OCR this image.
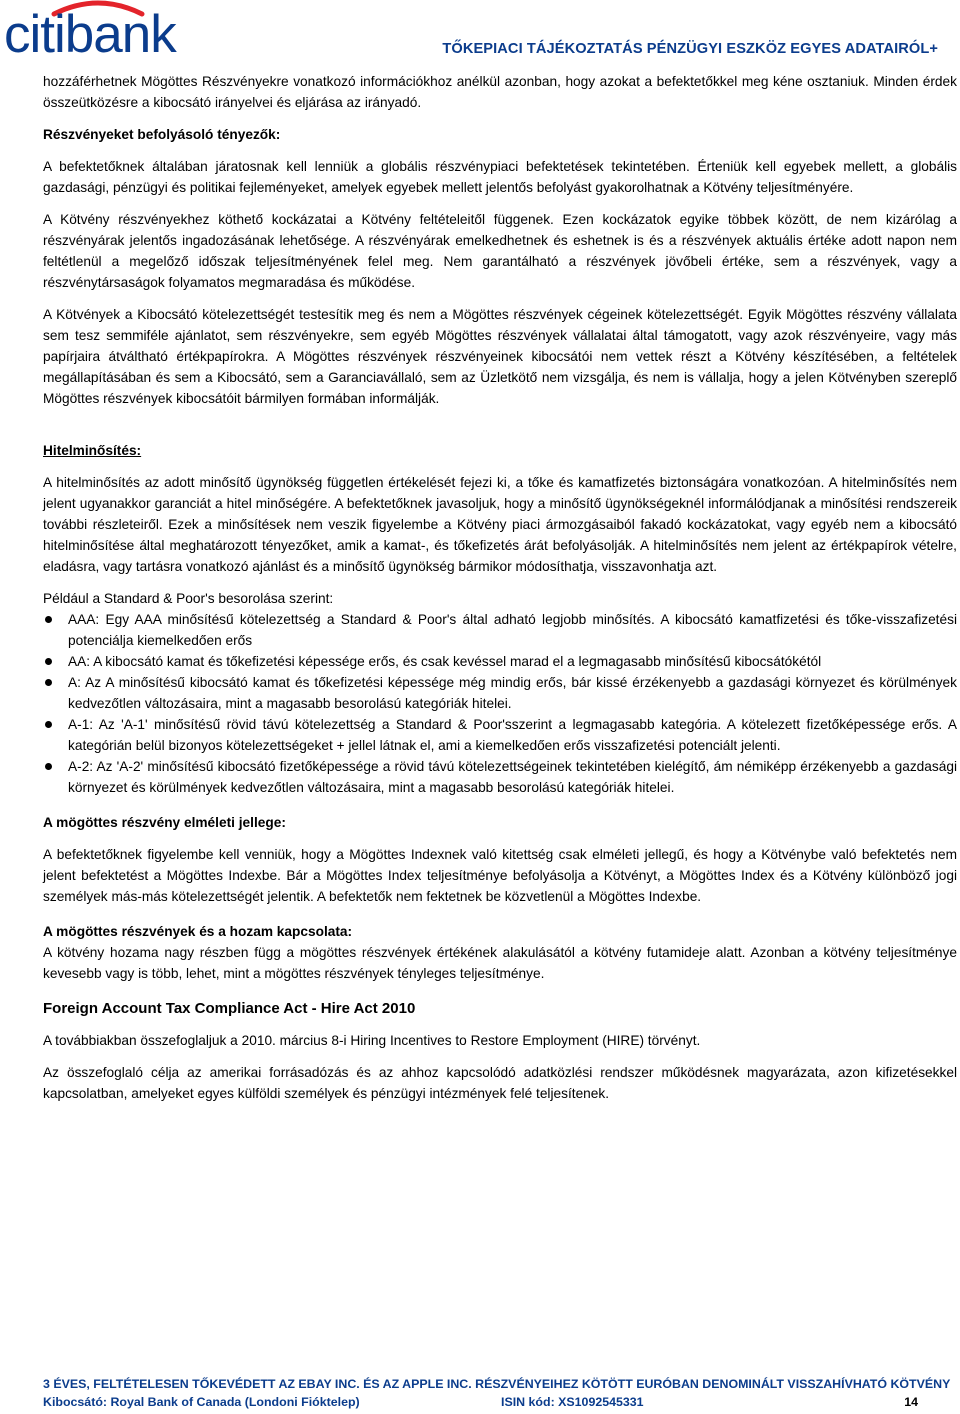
citibank	TŐKEPIACI TÁJÉKOZTATÁS PÉNZÜGYI ESZKÖZ EGYES ADATAIRÓL+

hozzáférhetnek Mögöttes Részvényekre vonatkozó információkhoz anélkül azonban, hogy azokat a befektetőkkel meg kéne osztaniuk. Minden érdek összeütközésre a kibocsátó irányelvei és eljárása az irányadó.

Részvényeket befolyásoló tényezők:

A befektetőknek általában járatosnak kell lenniük a globális részvénypiaci befektetések tekintetében. Érteniük kell egyebek mellett, a globális gazdasági, pénzügyi és politikai fejleményeket, amelyek egyebek mellett jelentős befolyást gyakorolhatnak a Kötvény teljesítményére.

A Kötvény részvényekhez köthető kockázatai a Kötvény feltételeitől függenek. Ezen kockázatok egyike többek között, de nem kizárólag a részvényárak jelentős ingadozásának lehetősége. A részvényárak emelkedhetnek és eshetnek is és a részvények aktuális értéke adott napon nem feltétlenül a megelőző időszak teljesítményének felel meg. Nem garantálható a részvények jövőbeli értéke, sem a részvények, vagy a részvénytársaságok folyamatos megmaradása és működése.

A Kötvények a Kibocsátó kötelezettségét testesítik meg és nem a Mögöttes részvények cégeinek kötelezettségét. Egyik Mögöttes részvény vállalata sem tesz semmiféle ajánlatot, sem részvényekre, sem egyéb Mögöttes részvények vállalatai által támogatott, vagy azok részvényeire, vagy más papírjaira átváltható értékpapírokra. A Mögöttes részvények részvényeinek kibocsátói nem vettek részt a Kötvény készítésében, a feltételek megállapításában és sem a Kibocsátó, sem a Garanciavállaló, sem az Üzletkötő nem vizsgálja, és nem is vállalja, hogy a jelen Kötvényben szereplő Mögöttes részvények kibocsátóit bármilyen formában informálják.

Hitelminősítés:

A hitelminősítés az adott minősítő ügynökség független értékelését fejezi ki, a tőke és kamatfizetés biztonságára vonatkozóan. A hitelminősítés nem jelent ugyanakkor garanciát a hitel minőségére. A befektetőknek javasoljuk, hogy a minősítő ügynökségeknél informálódjanak a minősítési rendszereik további részleteiről. Ezek a minősítések nem veszik figyelembe a Kötvény piaci ármozgásaiból fakadó kockázatokat, vagy egyéb nem a kibocsátó hitelminősítése által meghatározott tényezőket, amik a kamat-, és tőkefizetés árát befolyásolják. A hitelminősítés nem jelent az értékpapírok vételre, eladásra, vagy tartásra vonatkozó ajánlást és a minősítő ügynökség bármikor módosíthatja, visszavonhatja azt.

Például a Standard & Poor's besorolása szerint:

AAA: Egy AAA minősítésű kötelezettség a Standard & Poor's által adható legjobb minősítés. A kibocsátó kamatfizetési és tőke-visszafizetési potenciálja kiemelkedően erős
AA: A kibocsátó kamat és tőkefizetési képessége erős, és csak kevéssel marad el a legmagasabb minősítésű kibocsátókétól
A: Az A minősítésű kibocsátó kamat és tőkefizetési képessége még mindig erős, bár kissé érzékenyebb a gazdasági környezet és körülmények kedvezőtlen változásaira, mint a magasabb besorolású kategóriák hitelei.
A-1: Az 'A-1' minősítésű rövid távú kötelezettség a Standard & Poor'sszerint a legmagasabb kategória. A kötelezett fizetőképessége erős. A kategórián belül bizonyos kötelezettségeket + jellel látnak el, ami a kiemelkedően erős visszafizetési potenciált jelenti.
A-2: Az 'A-2' minősítésű kibocsátó fizetőképessége a rövid távú kötelezettségeinek tekintetében kielégítő, ám némiképp érzékenyebb a gazdasági környezet és körülmények kedvezőtlen változásaira, mint a magasabb besorolású kategóriák hitelei.

A mögöttes részvény elméleti jellege:

A befektetőknek figyelembe kell venniük, hogy a Mögöttes Indexnek való kitettség csak elméleti jellegű, és hogy a Kötvénybe való befektetés nem jelent befektetést a Mögöttes Indexbe. Bár a Mögöttes Index teljesítménye befolyásolja a Kötvényt, a Mögöttes Index és a Kötvény különböző jogi személyek más-más kötelezettségét jelentik. A befektetők nem fektetnek be közvetlenül a Mögöttes Indexbe.

A mögöttes részvények és a hozam kapcsolata:

A kötvény hozama nagy részben függ a mögöttes részvények értékének alakulásától a kötvény futamideje alatt. Azonban a kötvény teljesítménye kevesebb vagy is több, lehet, mint a mögöttes részvények tényleges teljesítménye.

Foreign Account Tax Compliance Act - Hire Act 2010

A továbbiakban összefoglaljuk a 2010. március 8-i Hiring Incentives to Restore Employment (HIRE) törvényt.

Az összefoglaló célja az amerikai forrásadózás és az ahhoz kapcsolódó adatközlési rendszer működésnek magyarázata, azon kifizetésekkel kapcsolatban, amelyeket egyes külföldi személyek és pénzügyi intézmények felé teljesítenek.

3 ÉVES, FELTÉTELESEN TŐKEVÉDETT AZ EBAY INC. ÉS AZ APPLE INC. RÉSZVÉNYEIHEZ KÖTÖTT EURÓBAN DENOMINÁLT VISSZAHÍVHATÓ KÖTVÉNY
Kibocsátó: Royal Bank of Canada (Londoni Fióktelep)	ISIN kód: XS1092545331	14
